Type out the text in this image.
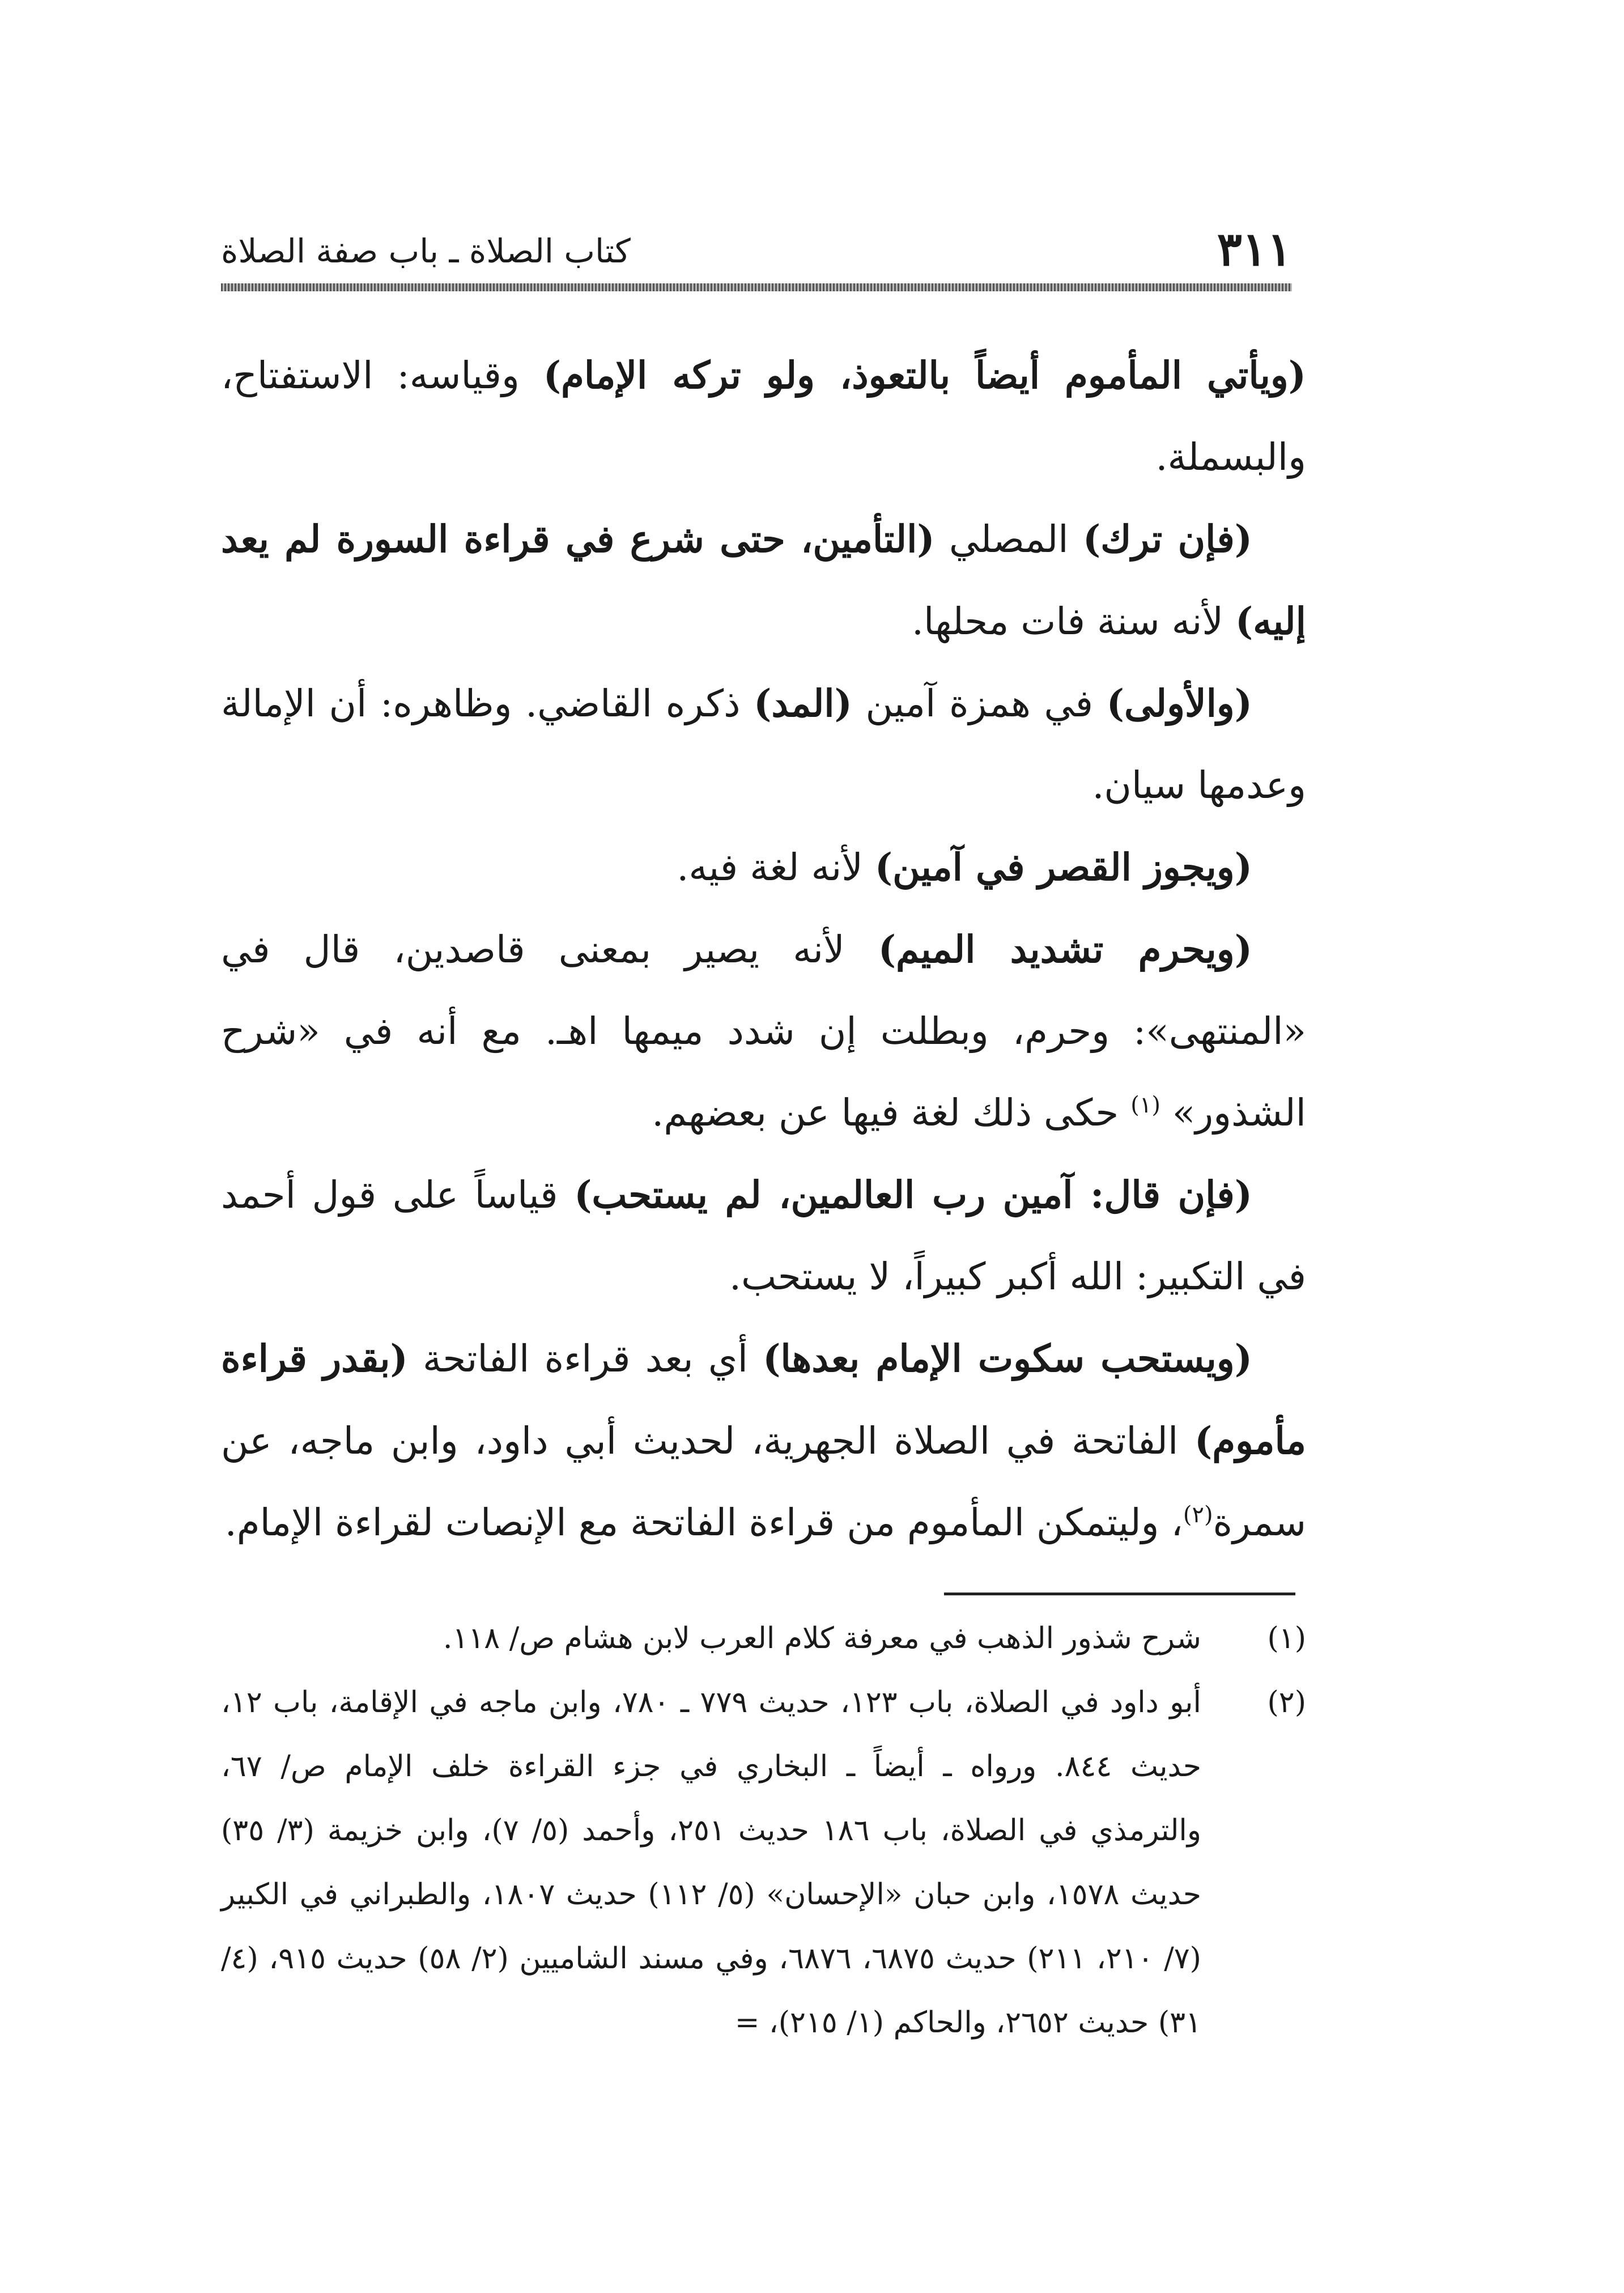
٣١١
كتاب الصلاة ـ باب صفة الصلاة

(ويأتي المأموم أيضاً بالتعوذ، ولو تركه الإمام) وقياسه: الاستفتاح، والبسملة.

(فإن ترك) المصلي (التأمين، حتى شرع في قراءة السورة لم يعد إليه) لأنه سنة فات محلها.

(والأولى) في همزة آمين (المد) ذكره القاضي. وظاهره: أن الإمالة وعدمها سيان.

(ويجوز القصر في آمين) لأنه لغة فيه.

(ويحرم تشديد الميم) لأنه يصير بمعنى قاصدين، قال في «المنتهى»: وحرم، وبطلت إن شدد ميمها اهـ. مع أنه في «شرح الشذور» $^{(١)}$ حكى ذلك لغة فيها عن بعضهم.

(فإن قال: آمين رب العالمين، لم يستحب) قياساً على قول أحمد في التكبير: الله أكبر كبيراً، لا يستحب.

(ويستحب سكوت الإمام بعدها) أي بعد قراءة الفاتحة (بقدر قراءة مأموم) الفاتحة في الصلاة الجهرية، لحديث أبي داود، وابن ماجه، عن سمرة$^{(٢)}$، وليتمكن المأموم من قراءة الفاتحة مع الإنصات لقراءة الإمام.

(١)
شرح شذور الذهب في معرفة كلام العرب لابن هشام ص/ ١١٨.
(٢)
أبو داود في الصلاة، باب ١٢٣، حديث ٧٧٩ ـ ٧٨٠، وابن ماجه في الإقامة، باب ١٢، حديث ٨٤٤. ورواه ـ أيضاً ـ البخاري في جزء القراءة خلف الإمام ص/ ٦٧، والترمذي في الصلاة، باب ١٨٦ حديث ٢٥١، وأحمد (٥/ ٧)، وابن خزيمة (٣/ ٣٥) حديث ١٥٧٨، وابن حبان «الإحسان» (٥/ ١١٢) حديث ١٨٠٧، والطبراني في الكبير (٧/ ٢١٠، ٢١١) حديث ٦٨٧٥، ٦٨٧٦، وفي مسند الشاميين (٢/ ٥٨) حديث ٩١٥، (٤/ ٣١) حديث ٢٦٥٢، والحاكم (١/ ٢١٥)، =
